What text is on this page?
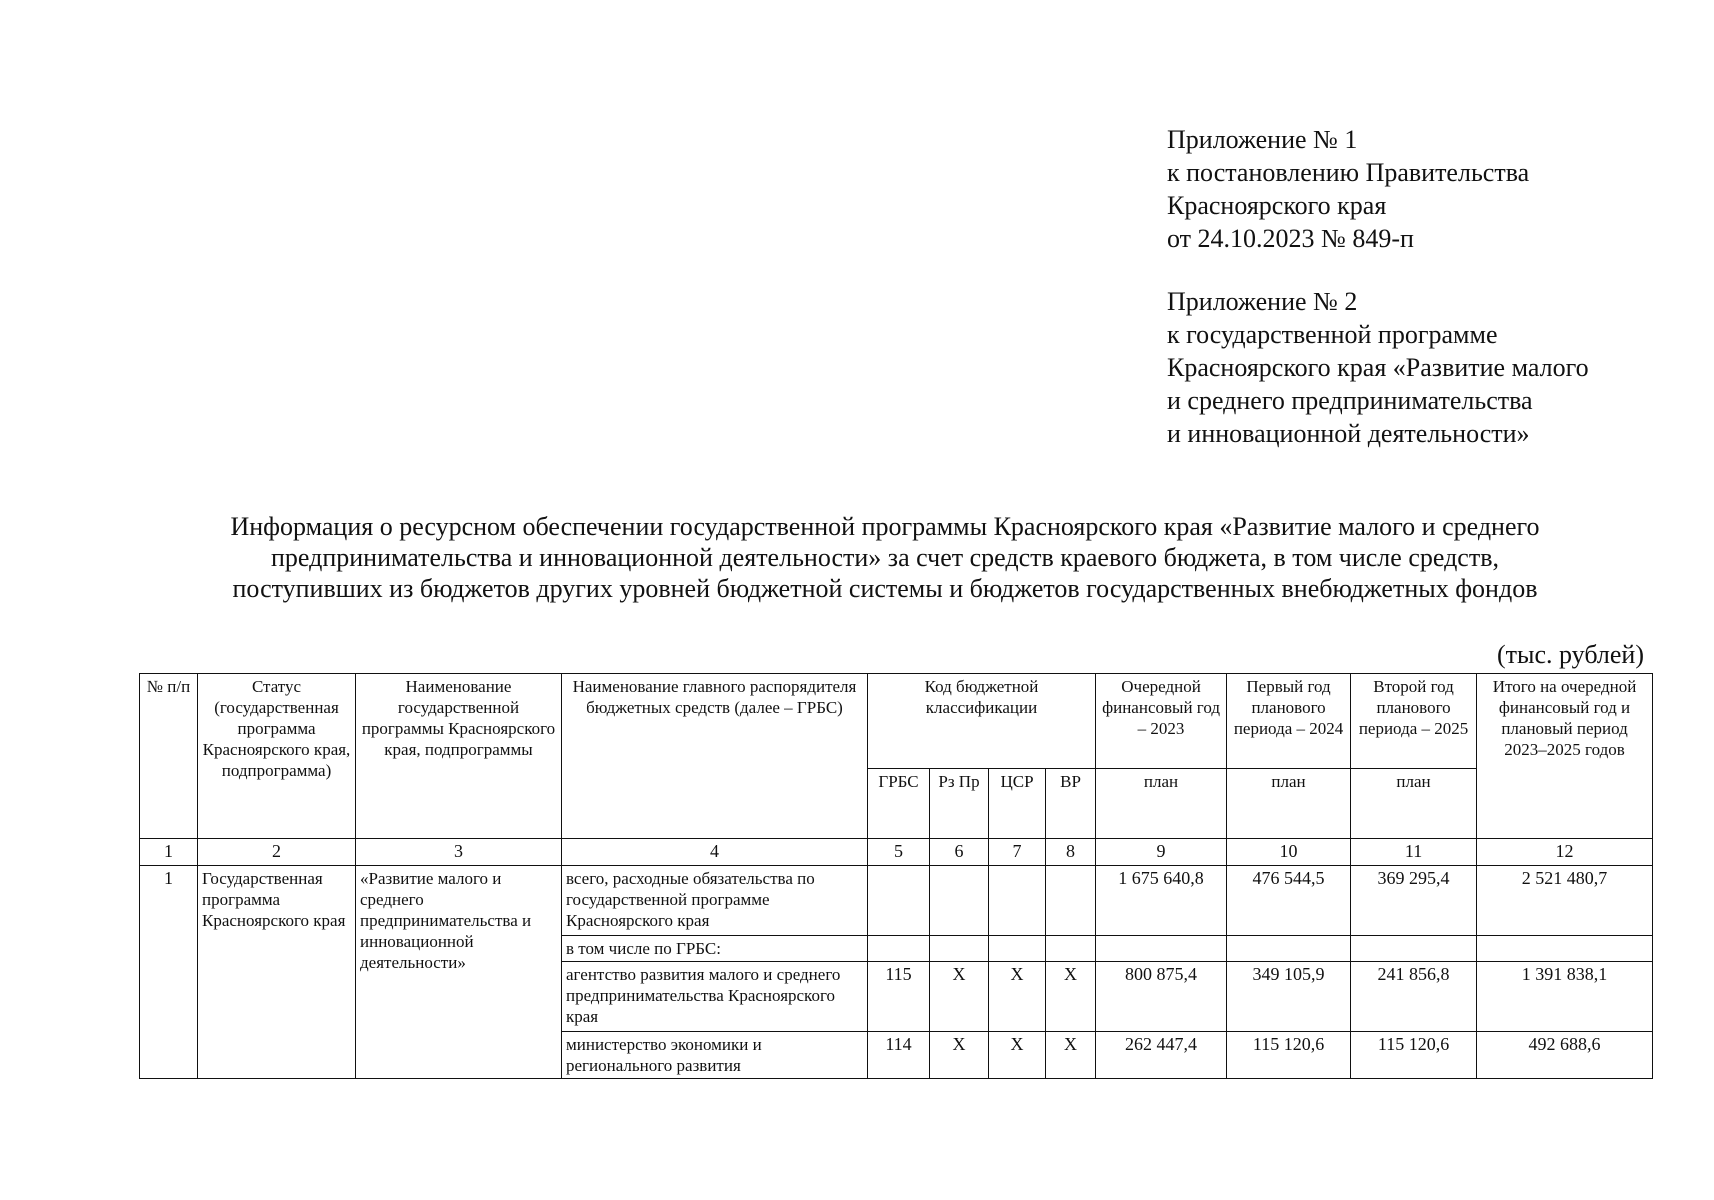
Приложение № 1
к постановлению Правительства
Красноярского края
от 24.10.2023 № 849-п
Приложение № 2
к государственной программе
Красноярского края «Развитие малого
и среднего предпринимательства
и инновационной деятельности»
Информация о ресурсном обеспечении государственной программы Красноярского края «Развитие малого и среднего
предпринимательства и инновационной деятельности» за счет средств краевого бюджета, в том числе средств,
поступивших из бюджетов других уровней бюджетной системы и бюджетов государственных внебюджетных фондов
(тыс. рублей)
№ п/п	Статус (государственная программа Красноярского края, подпрограмма)	Наименование государственной программы Красноярского края, подпрограммы	Наименование главного распорядителя бюджетных средств (далее – ГРБС)	Код бюджетной классификации				Очередной финансовый год – 2023	Первый год планового периода – 2024	Второй год планового периода – 2025	Итого на очередной финансовый год и плановый период 2023–2025 годов
				ГРБС	Рз Пр	ЦСР	ВР	план	план	план	
1	2	3	4	5	6	7	8	9	10	11	12
1	Государственная программа Красноярского края	«Развитие малого и среднего предпринимательства и инновационной деятельности»	всего, расходные обязательства по государственной программе Красноярского края					1 675 640,8	476 544,5	369 295,4	2 521 480,7
			в том числе по ГРБС:								
			агентство развития малого и среднего предпринимательства Красноярского края	115	Х	Х	Х	800 875,4	349 105,9	241 856,8	1 391 838,1
			министерство экономики и регионального развития	114	Х	Х	Х	262 447,4	115 120,6	115 120,6	492 688,6
